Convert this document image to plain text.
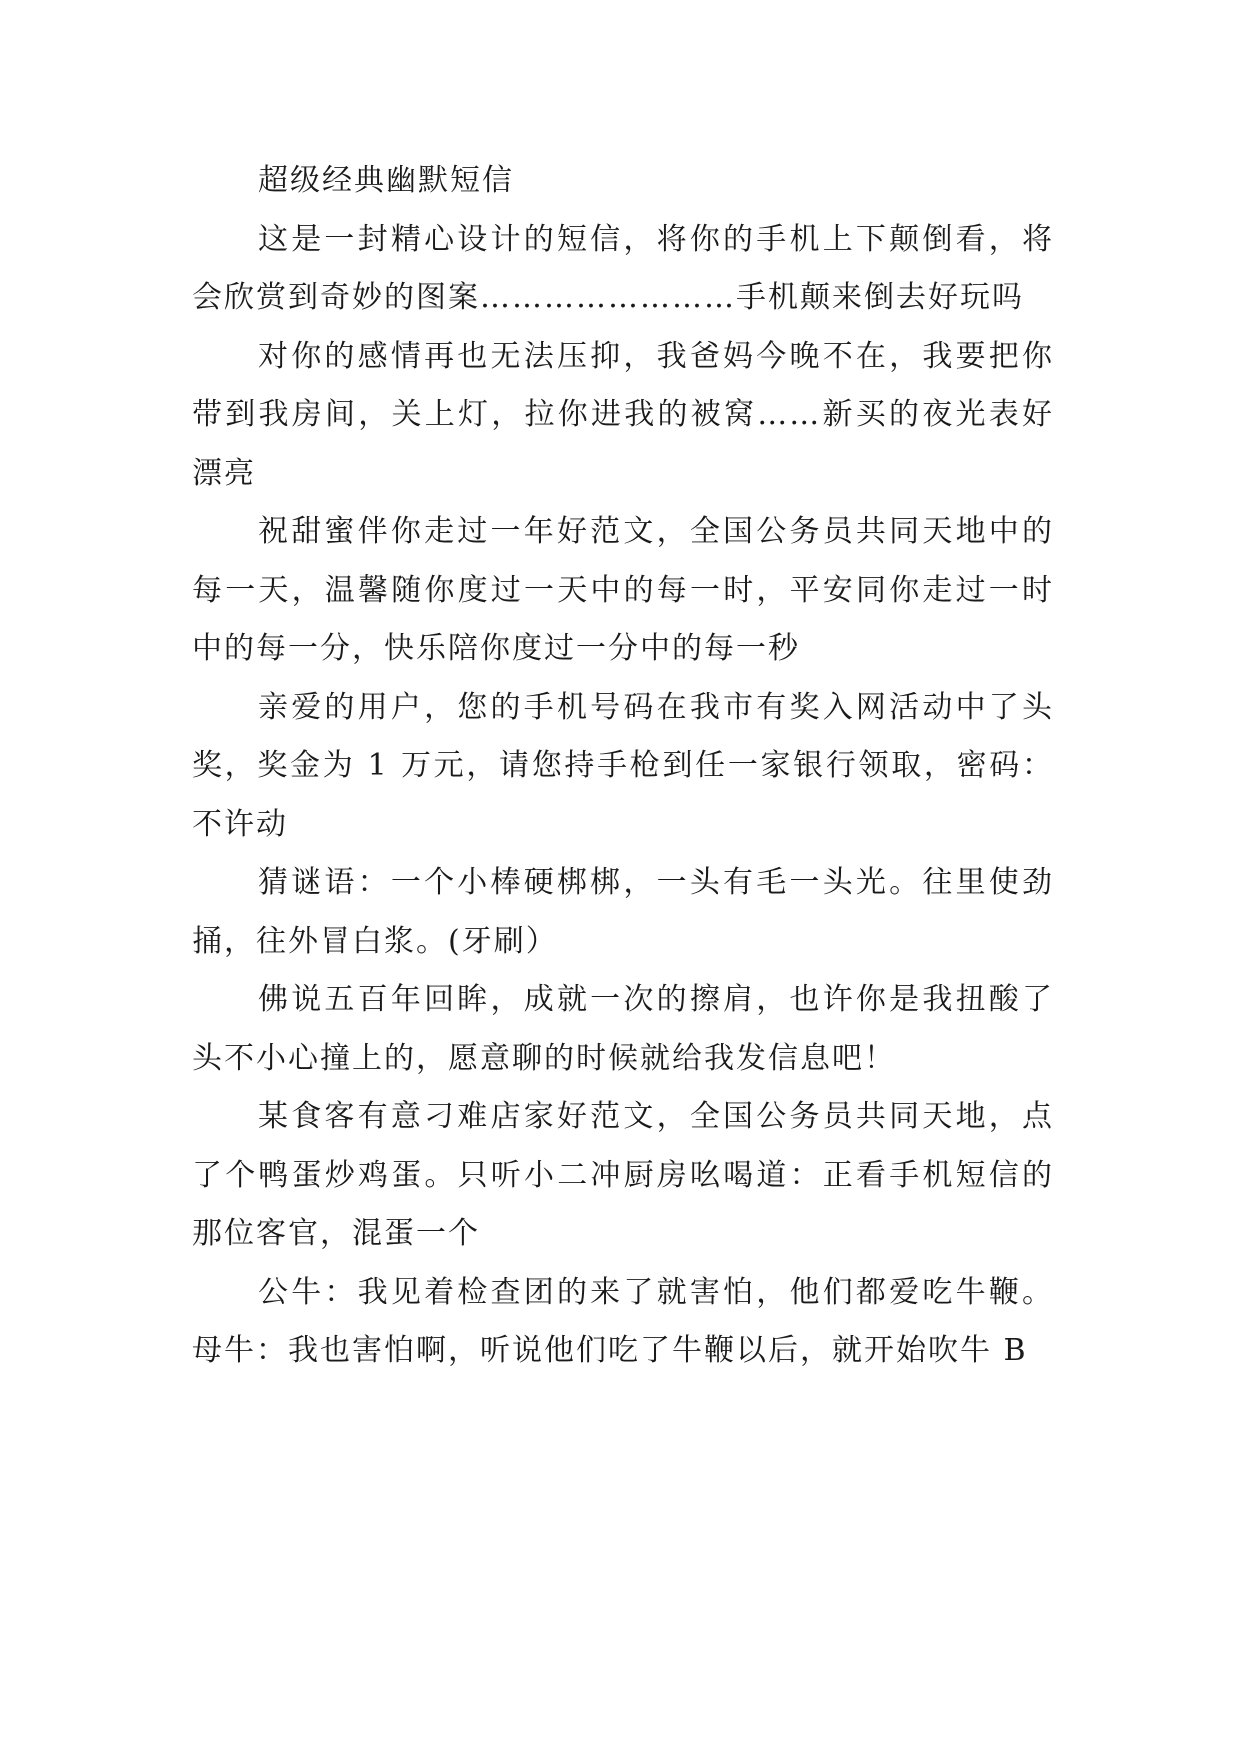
超级经典幽默短信

这是一封精心设计的短信，将你的手机上下颠倒看，将会欣赏到奇妙的图案……………………手机颠来倒去好玩吗

对你的感情再也无法压抑，我爸妈今晚不在，我要把你带到我房间，关上灯，拉你进我的被窝……新买的夜光表好漂亮

祝甜蜜伴你走过一年好范文，全国公务员共同天地中的每一天，温馨随你度过一天中的每一时，平安同你走过一时中的每一分，快乐陪你度过一分中的每一秒

亲爱的用户，您的手机号码在我市有奖入网活动中了头奖，奖金为 1 万元，请您持手枪到任一家银行领取，密码：不许动

猜谜语：一个小棒硬梆梆，一头有毛一头光。往里使劲捅，往外冒白浆。(牙刷）

佛说五百年回眸，成就一次的擦肩，也许你是我扭酸了头不小心撞上的，愿意聊的时候就给我发信息吧！

某食客有意刁难店家好范文，全国公务员共同天地，点了个鸭蛋炒鸡蛋。只听小二冲厨房吆喝道：正看手机短信的那位客官，混蛋一个

公牛：我见着检查团的来了就害怕，他们都爱吃牛鞭。母牛：我也害怕啊，听说他们吃了牛鞭以后，就开始吹牛 B
